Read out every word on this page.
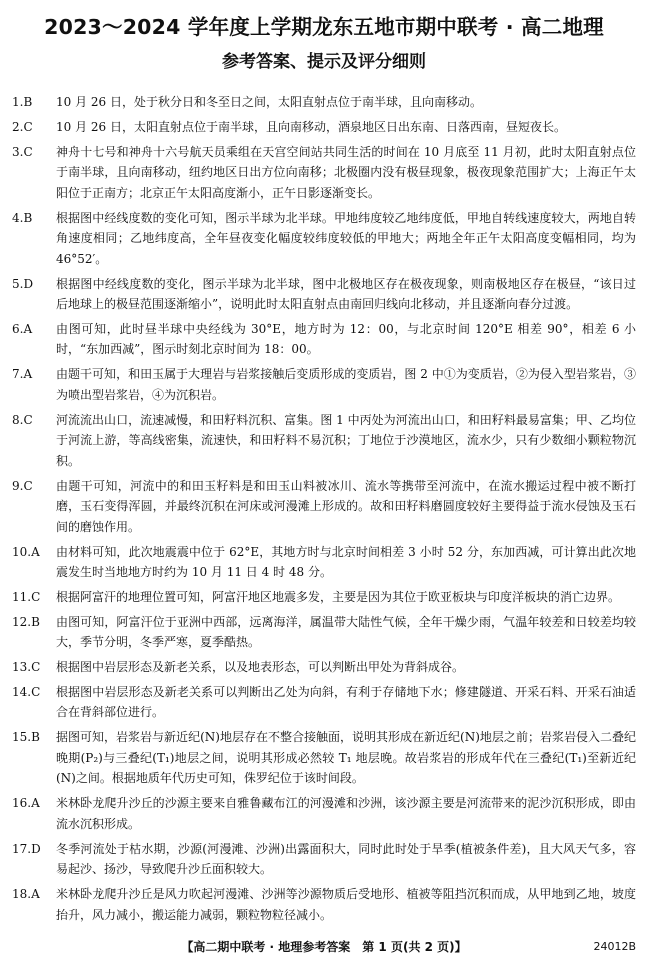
2023～2024 学年度上学期龙东五地市期中联考 · 高二地理
参考答案、提示及评分细则
1.B 10 月 26 日，处于秋分日和冬至日之间，太阳直射点位于南半球，且向南移动。
2.C 10 月 26 日，太阳直射点位于南半球，且向南移动，酒泉地区日出东南、日落西南，昼短夜长。
3.C 神舟十七号和神舟十六号航天员乘组在天宫空间站共同生活的时间在 10 月底至 11 月初，此时太阳直射点位于南半球，且向南移动，纽约地区日出方位向南移；北极圈内没有极昼现象，极夜现象范围扩大；上海正午太阳位于正南方；北京正午太阳高度渐小，正午日影逐渐变长。
4.B 根据图中经线度数的变化可知，图示半球为北半球。甲地纬度较乙地纬度低，甲地自转线速度较大，两地自转角速度相同；乙地纬度高，全年昼夜变化幅度较纬度较低的甲地大；两地全年正午太阳高度变幅相同，均为 46°52′。
5.D 根据图中经线度数的变化，图示半球为北半球，图中北极地区存在极夜现象，则南极地区存在极昼，“该日过后地球上的极昼范围逐渐缩小”，说明此时太阳直射点由南回归线向北移动，并且逐渐向春分过渡。
6.A 由图可知，此时昼半球中央经线为 30°E，地方时为 12：00，与北京时间 120°E 相差 90°，相差 6 小时，“东加西减”，图示时刻北京时间为 18：00。
7.A 由题干可知，和田玉属于大理岩与岩浆接触后变质形成的变质岩，图 2 中①为变质岩，②为侵入型岩浆岩，③为喷出型岩浆岩，④为沉积岩。
8.C 河流流出山口，流速减慢，和田籽料沉积、富集。图 1 中丙处为河流出山口，和田籽料最易富集；甲、乙均位于河流上游，等高线密集，流速快，和田籽料不易沉积；丁地位于沙漠地区，流水少，只有少数细小颗粒物沉积。
9.C 由题干可知，河流中的和田玉籽料是和田玉山料被冰川、流水等携带至河流中，在流水搬运过程中被不断打磨，玉石变得浑圆，并最终沉积在河床或河漫滩上形成的。故和田籽料磨圆度较好主要得益于流水侵蚀及玉石间的磨蚀作用。
10.A 由材料可知，此次地震震中位于 62°E，其地方时与北京时间相差 3 小时 52 分，东加西减，可计算出此次地震发生时当地地方时约为 10 月 11 日 4 时 48 分。
11.C 根据阿富汗的地理位置可知，阿富汗地区地震多发，主要是因为其位于欧亚板块与印度洋板块的消亡边界。
12.B 由图可知，阿富汗位于亚洲中西部，远离海洋，属温带大陆性气候，全年干燥少雨，气温年较差和日较差均较大，季节分明，冬季严寒，夏季酷热。
13.C 根据图中岩层形态及新老关系，以及地表形态，可以判断出甲处为背斜成谷。
14.C 根据图中岩层形态及新老关系可以判断出乙处为向斜，有利于存储地下水；修建隧道、开采石料、开采石油适合在背斜部位进行。
15.B 据图可知，岩浆岩与新近纪(N)地层存在不整合接触面，说明其形成在新近纪(N)地层之前；岩浆岩侵入二叠纪晚期(P₂)与三叠纪(T₁)地层之间，说明其形成必然较 T₁ 地层晚。故岩浆岩的形成年代在三叠纪(T₁)至新近纪(N)之间。根据地质年代历史可知，侏罗纪位于该时间段。
16.A 米林卧龙爬升沙丘的沙源主要来自雅鲁藏布江的河漫滩和沙洲，该沙源主要是河流带来的泥沙沉积形成，即由流水沉积形成。
17.D 冬季河流处于枯水期，沙源(河漫滩、沙洲)出露面积大，同时此时处于旱季(植被条件差)，且大风天气多，容易起沙、扬沙，导致爬升沙丘面积较大。
18.A 米林卧龙爬升沙丘是风力吹起河漫滩、沙洲等沙源物质后受地形、植被等阻挡沉积而成，从甲地到乙地，坡度抬升，风力减小，搬运能力减弱，颗粒物粒径减小。
【高二期中联考 · 地理参考答案　第 1 页(共 2 页)】	24012B
